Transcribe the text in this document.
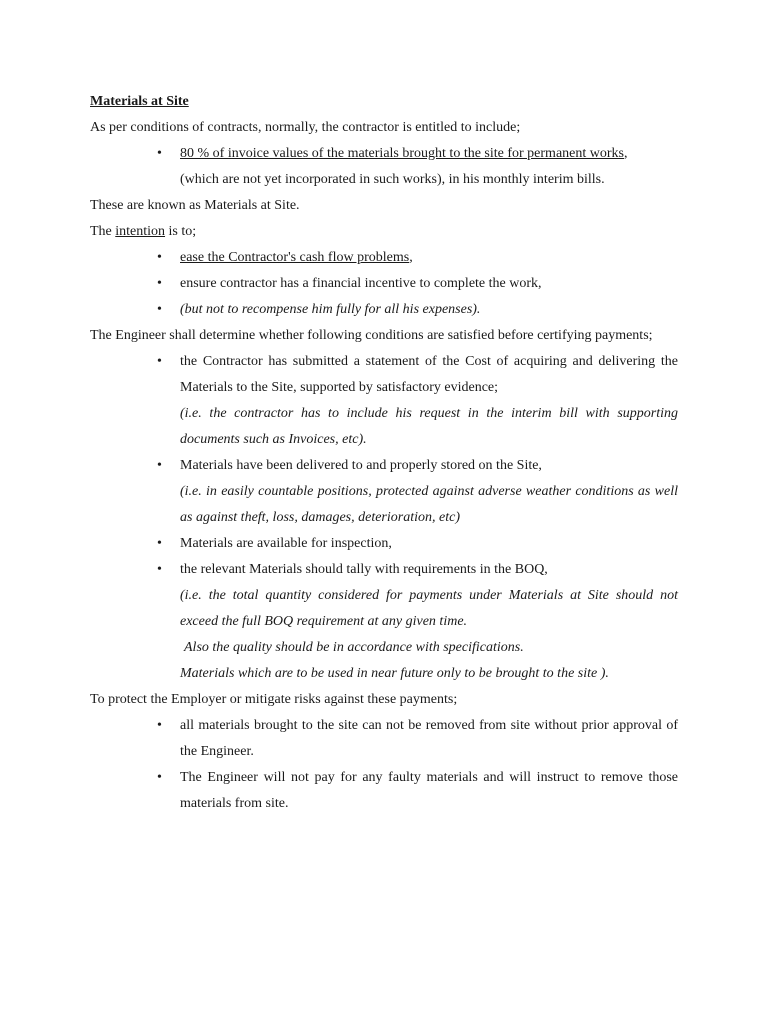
Materials at Site

As per conditions of contracts, normally, the contractor is entitled to include;

• 80 % of invoice values of the materials brought to the site for permanent works,
(which are not yet incorporated in such works), in his monthly interim bills.

These are known as Materials at Site.

The intention is to;

• ease the Contractor's cash flow problems,
• ensure contractor has a financial incentive to complete the work,
• (but not to recompense him fully for all his expenses).

The Engineer shall determine whether following conditions are satisfied before certifying payments;

• the Contractor has submitted a statement of the Cost of acquiring and delivering the Materials to the Site, supported by satisfactory evidence;
(i.e. the contractor has to include his request in the interim bill with supporting documents such as Invoices, etc).
• Materials have been delivered to and properly stored on the Site,
(i.e. in easily countable positions, protected against adverse weather conditions as well as against theft, loss, damages, deterioration, etc)
• Materials are available for inspection,
• the relevant Materials should tally with requirements in the BOQ,
(i.e. the total quantity considered for payments under Materials at Site should not exceed the full BOQ requirement at any given time.
Also the quality should be in accordance with specifications.
Materials which are to be used in near future only to be brought to the site ).

To protect the Employer or mitigate risks against these payments;

• all materials brought to the site can not be removed from site without prior approval of the Engineer.
• The Engineer will not pay for any faulty materials and will instruct to remove those materials from site.
